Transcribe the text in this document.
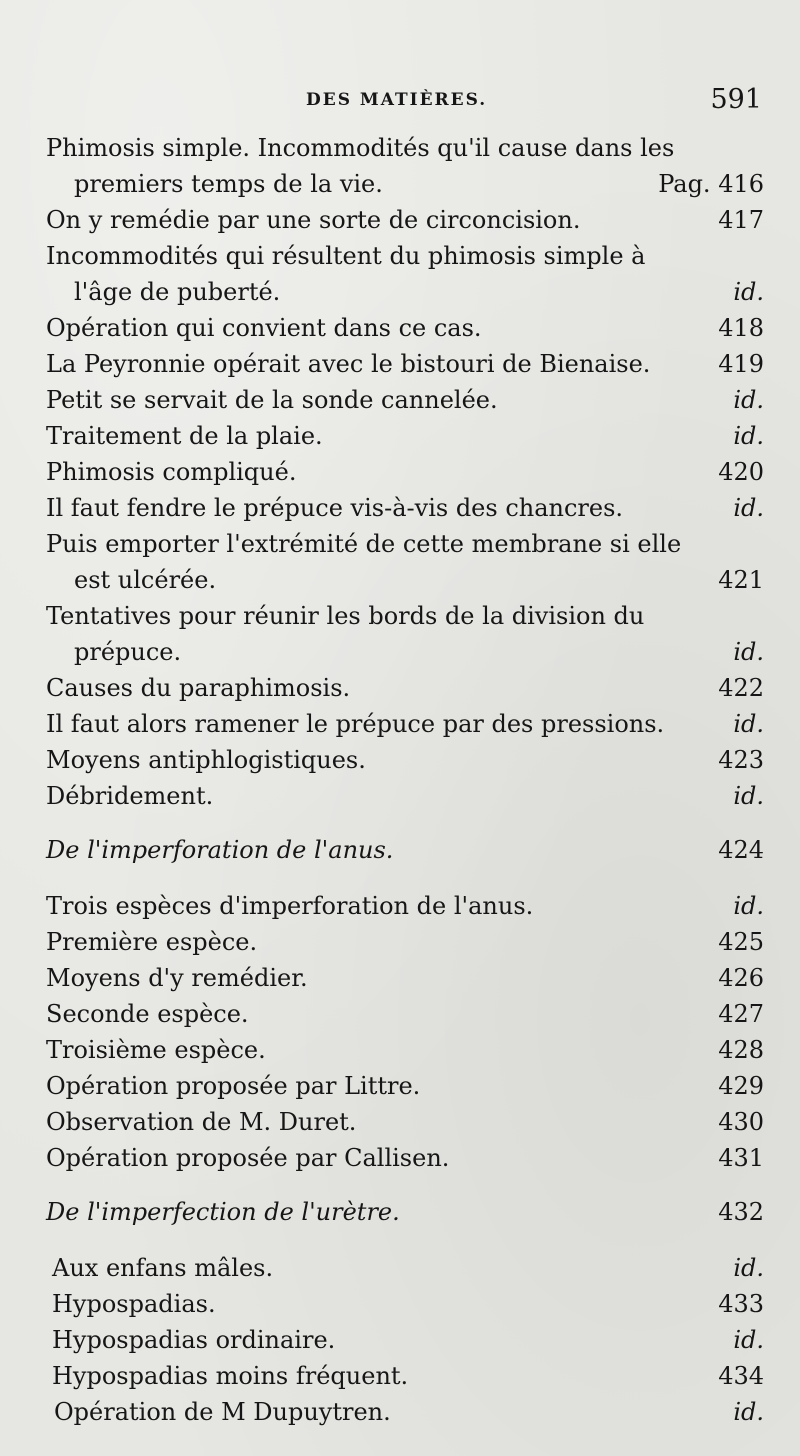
DES MATIÈRES.	591
Phimosis simple. Incommodités qu'il cause dans les
premiers temps de la vie.	Pag. 416
On y remédie par une sorte de circoncision.	417
Incommodités qui résultent du phimosis simple à
l'âge de puberté.	id.
Opération qui convient dans ce cas.	418
La Peyronnie opérait avec le bistouri de Bienaise.	419
Petit se servait de la sonde cannelée.	id.
Traitement de la plaie.	id.
Phimosis compliqué.	420
Il faut fendre le prépuce vis-à-vis des chancres.	id.
Puis emporter l'extrémité de cette membrane si elle
est ulcérée.	421
Tentatives pour réunir les bords de la division du
prépuce.	id.
Causes du paraphimosis.	422
Il faut alors ramener le prépuce par des pressions.	id.
Moyens antiphlogistiques.	423
Débridement.	id.
De l'imperforation de l'anus.	424
Trois espèces d'imperforation de l'anus.	id.
Première espèce.	425
Moyens d'y remédier.	426
Seconde espèce.	427
Troisième espèce.	428
Opération proposée par Littre.	429
Observation de M. Duret.	430
Opération proposée par Callisen.	431
De l'imperfection de l'urètre.	432
Aux enfans mâles.	id.
Hypospadias.	433
Hypospadias ordinaire.	id.
Hypospadias moins fréquent.	434
Opération de M Dupuytren.	id.
